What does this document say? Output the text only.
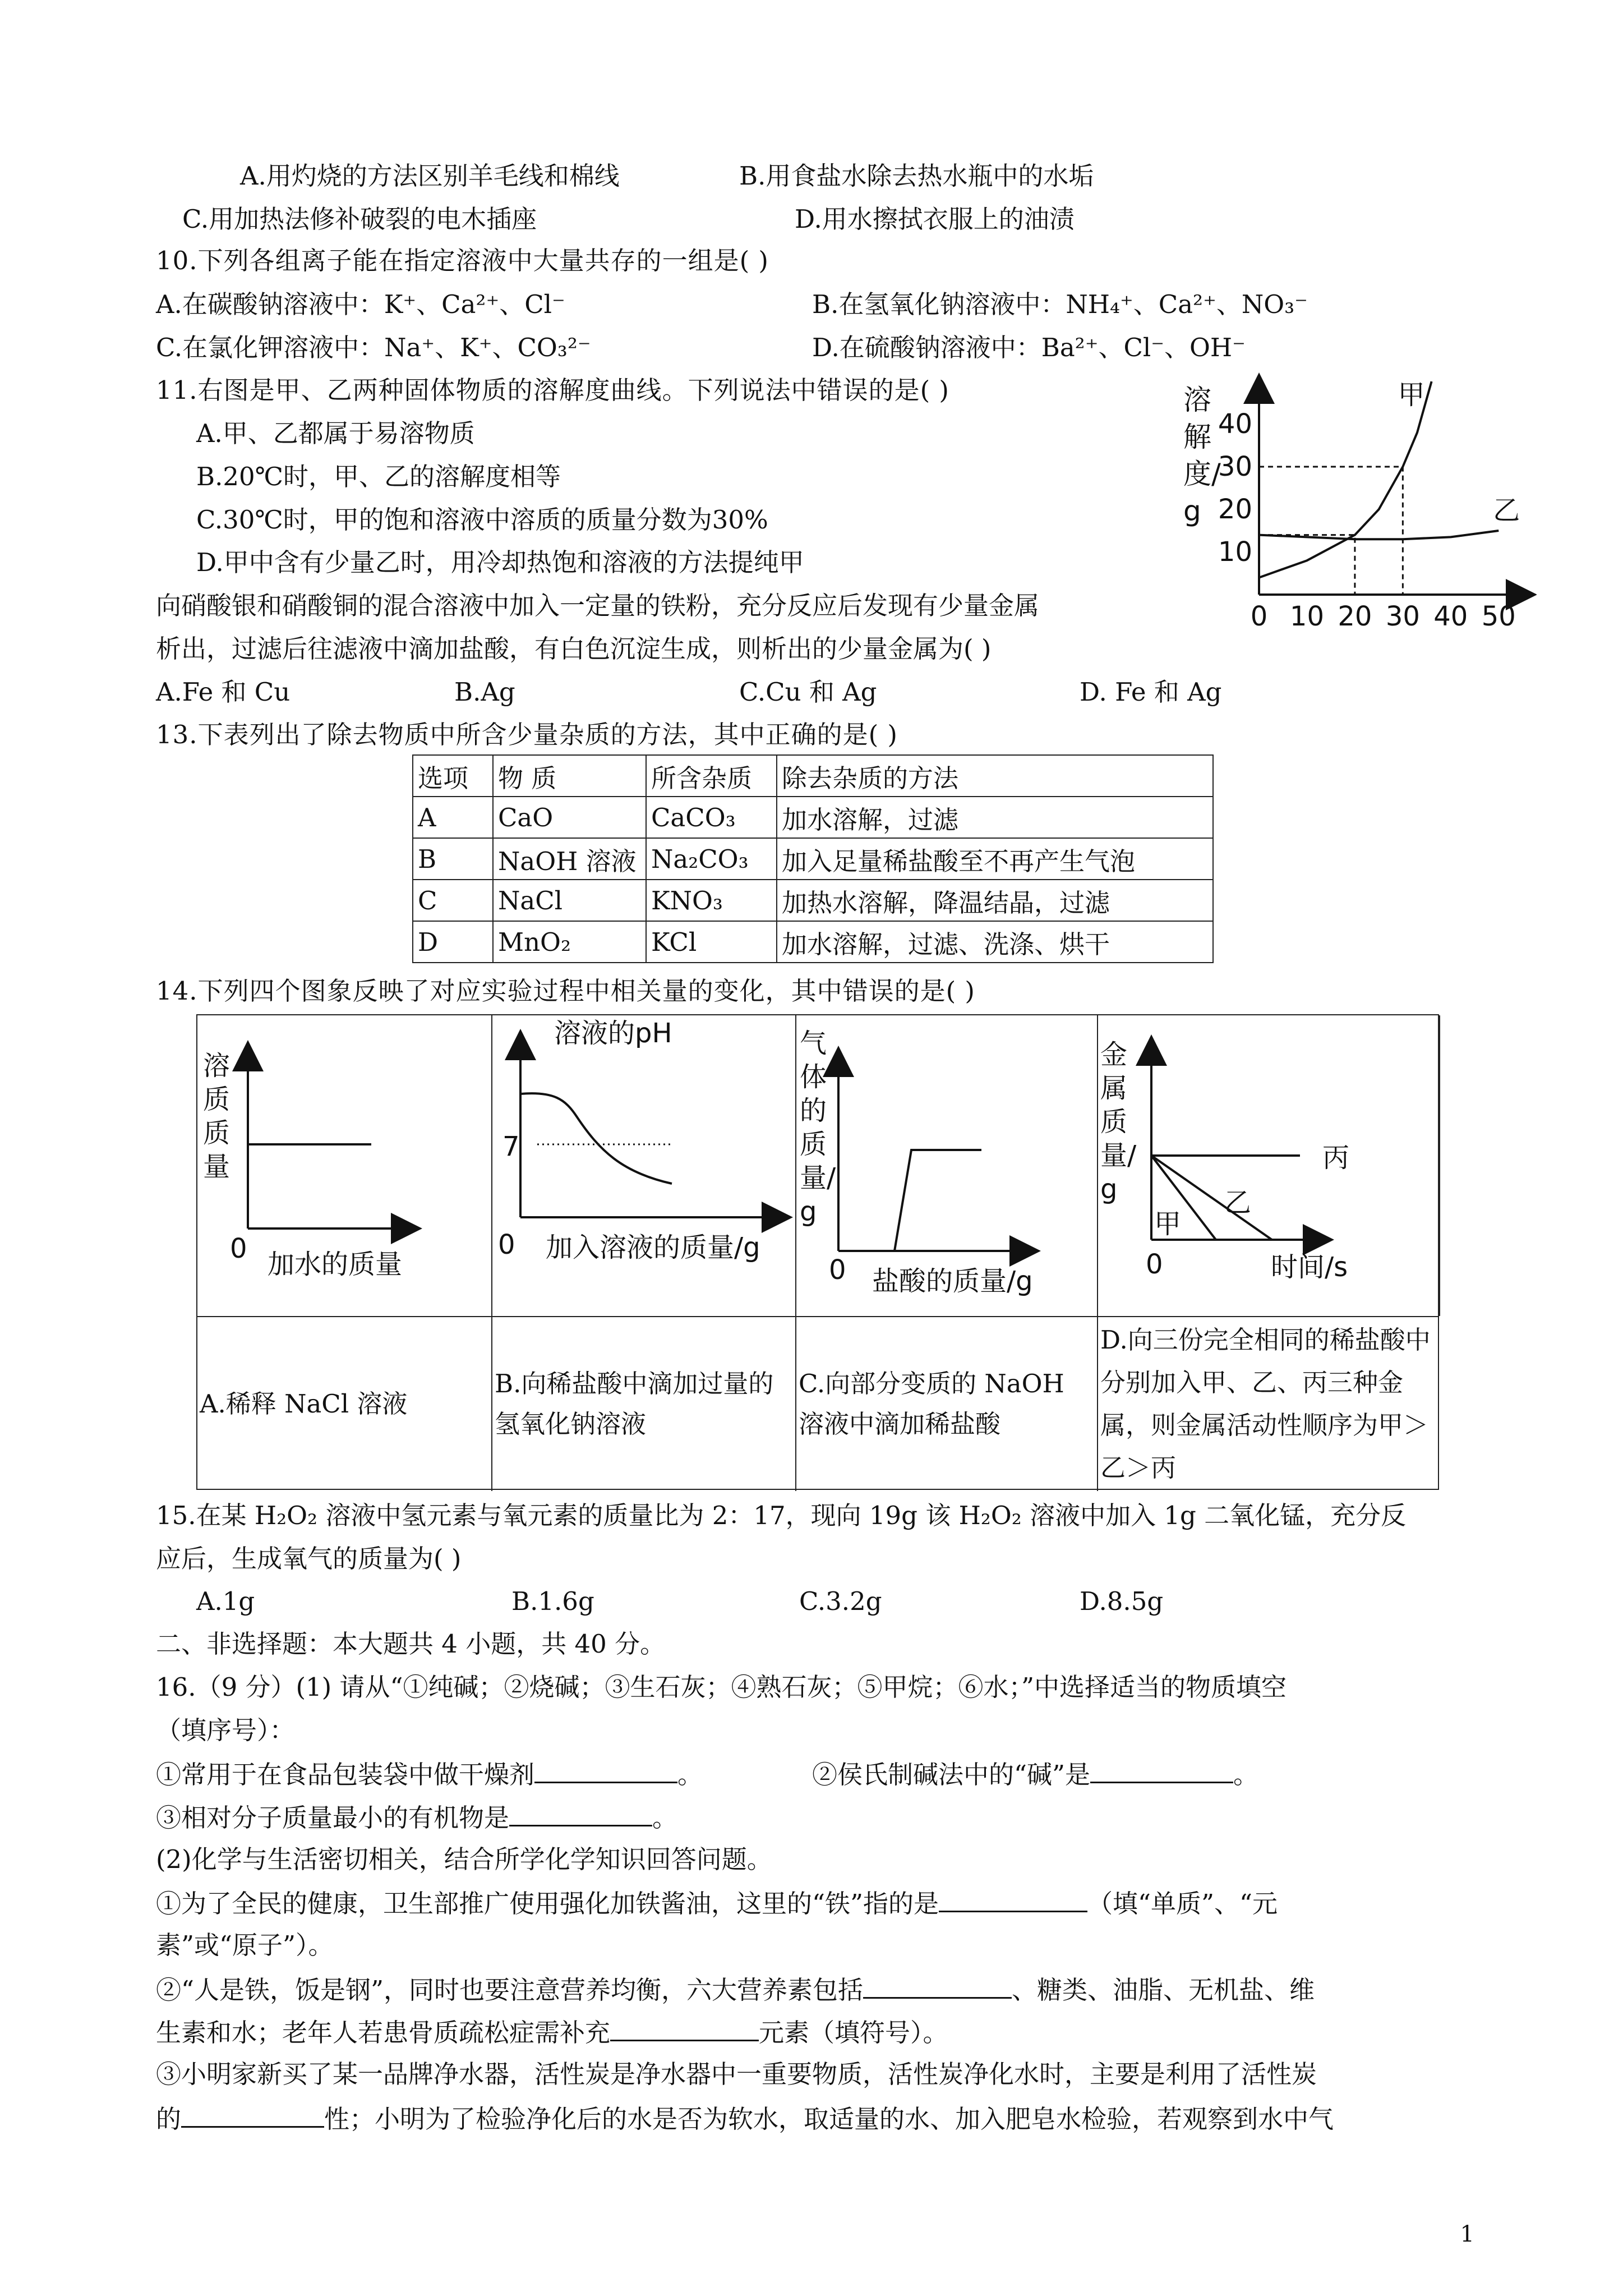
A.用灼烧的方法区别羊毛线和棉线	B.用食盐水除去热水瓶中的水垢
C.用加热法修补破裂的电木插座	D.用水擦拭衣服上的油渍
10.下列各组离子能在指定溶液中大量共存的一组是( )
A.在碳酸钠溶液中：K⁺、Ca²⁺、Cl⁻	B.在氢氧化钠溶液中：NH₄⁺、Ca²⁺、NO₃⁻
C.在氯化钾溶液中：Na⁺、K⁺、CO₃²⁻	D.在硫酸钠溶液中：Ba²⁺、Cl⁻、OH⁻
11.右图是甲、乙两种固体物质的溶解度曲线。下列说法中错误的是( )
A.甲、乙都属于易溶物质
B.20℃时，甲、乙的溶解度相等
C.30℃时，甲的饱和溶液中溶质的质量分数为30%
D.甲中含有少量乙时，用冷却热饱和溶液的方法提纯甲
0 10 20 30 40 50
10
20
30
40
甲
乙
溶解度/g
向硝酸银和硝酸铜的混合溶液中加入一定量的铁粉，充分反应后发现有少量金属
析出，过滤后往滤液中滴加盐酸，有白色沉淀生成，则析出的少量金属为( )
A.Fe 和 Cu	B.Ag	C.Cu 和 Ag	D. Fe 和 Ag
13.下表列出了除去物质中所含少量杂质的方法，其中正确的是( )
选项	物 质	所含杂质	除去杂质的方法
A	CaO	CaCO₃	加水溶解，过滤
B	NaOH 溶液	Na₂CO₃	加入足量稀盐酸至不再产生气泡
C	NaCl	KNO₃	加热水溶解，降温结晶，过滤
D	MnO₂	KCl	加水溶解，过滤、洗涤、烘干
14.下列四个图象反映了对应实验过程中相关量的变化，其中错误的是( )
0 加水的质量
溶质质量
溶液的pH
7
0 加入溶液的质量/g
0 盐酸的质量/g
气体的质量/g
丙
乙
甲
0	时间/s
金属质量/g
A.稀释 NaCl 溶液
B.向稀盐酸中滴加过量的氢氧化钠溶液
C.向部分变质的 NaOH 溶液中滴加稀盐酸
D.向三份完全相同的稀盐酸中分别加入甲、乙、丙三种金属，则金属活动性顺序为甲＞乙＞丙
15.在某 H₂O₂ 溶液中氢元素与氧元素的质量比为 2：17，现向 19g 该 H₂O₂ 溶液中加入 1g 二氧化锰，充分反
应后，生成氧气的质量为( )
A.1g	B.1.6g	C.3.2g	D.8.5g
二、非选择题：本大题共 4 小题，共 40 分。
16.（9 分）(1) 请从“①纯碱；②烧碱；③生石灰；④熟石灰；⑤甲烷；⑥水；”中选择适当的物质填空
（填序号）：
①常用于在食品包装袋中做干燥剂	。	②侯氏制碱法中的“碱”是	。
③相对分子质量最小的有机物是	。
(2)化学与生活密切相关，结合所学化学知识回答问题。
①为了全民的健康，卫生部推广使用强化加铁酱油，这里的“铁”指的是	（填“单质”、“元
素”或“原子”）。
②“人是铁，饭是钢”，同时也要注意营养均衡，六大营养素包括	、糖类、油脂、无机盐、维
生素和水；老年人若患骨质疏松症需补充	元素（填符号）。
③小明家新买了某一品牌净水器，活性炭是净水器中一重要物质，活性炭净化水时，主要是利用了活性炭
的	性；小明为了检验净化后的水是否为软水，取适量的水、加入肥皂水检验，若观察到水中气
1
